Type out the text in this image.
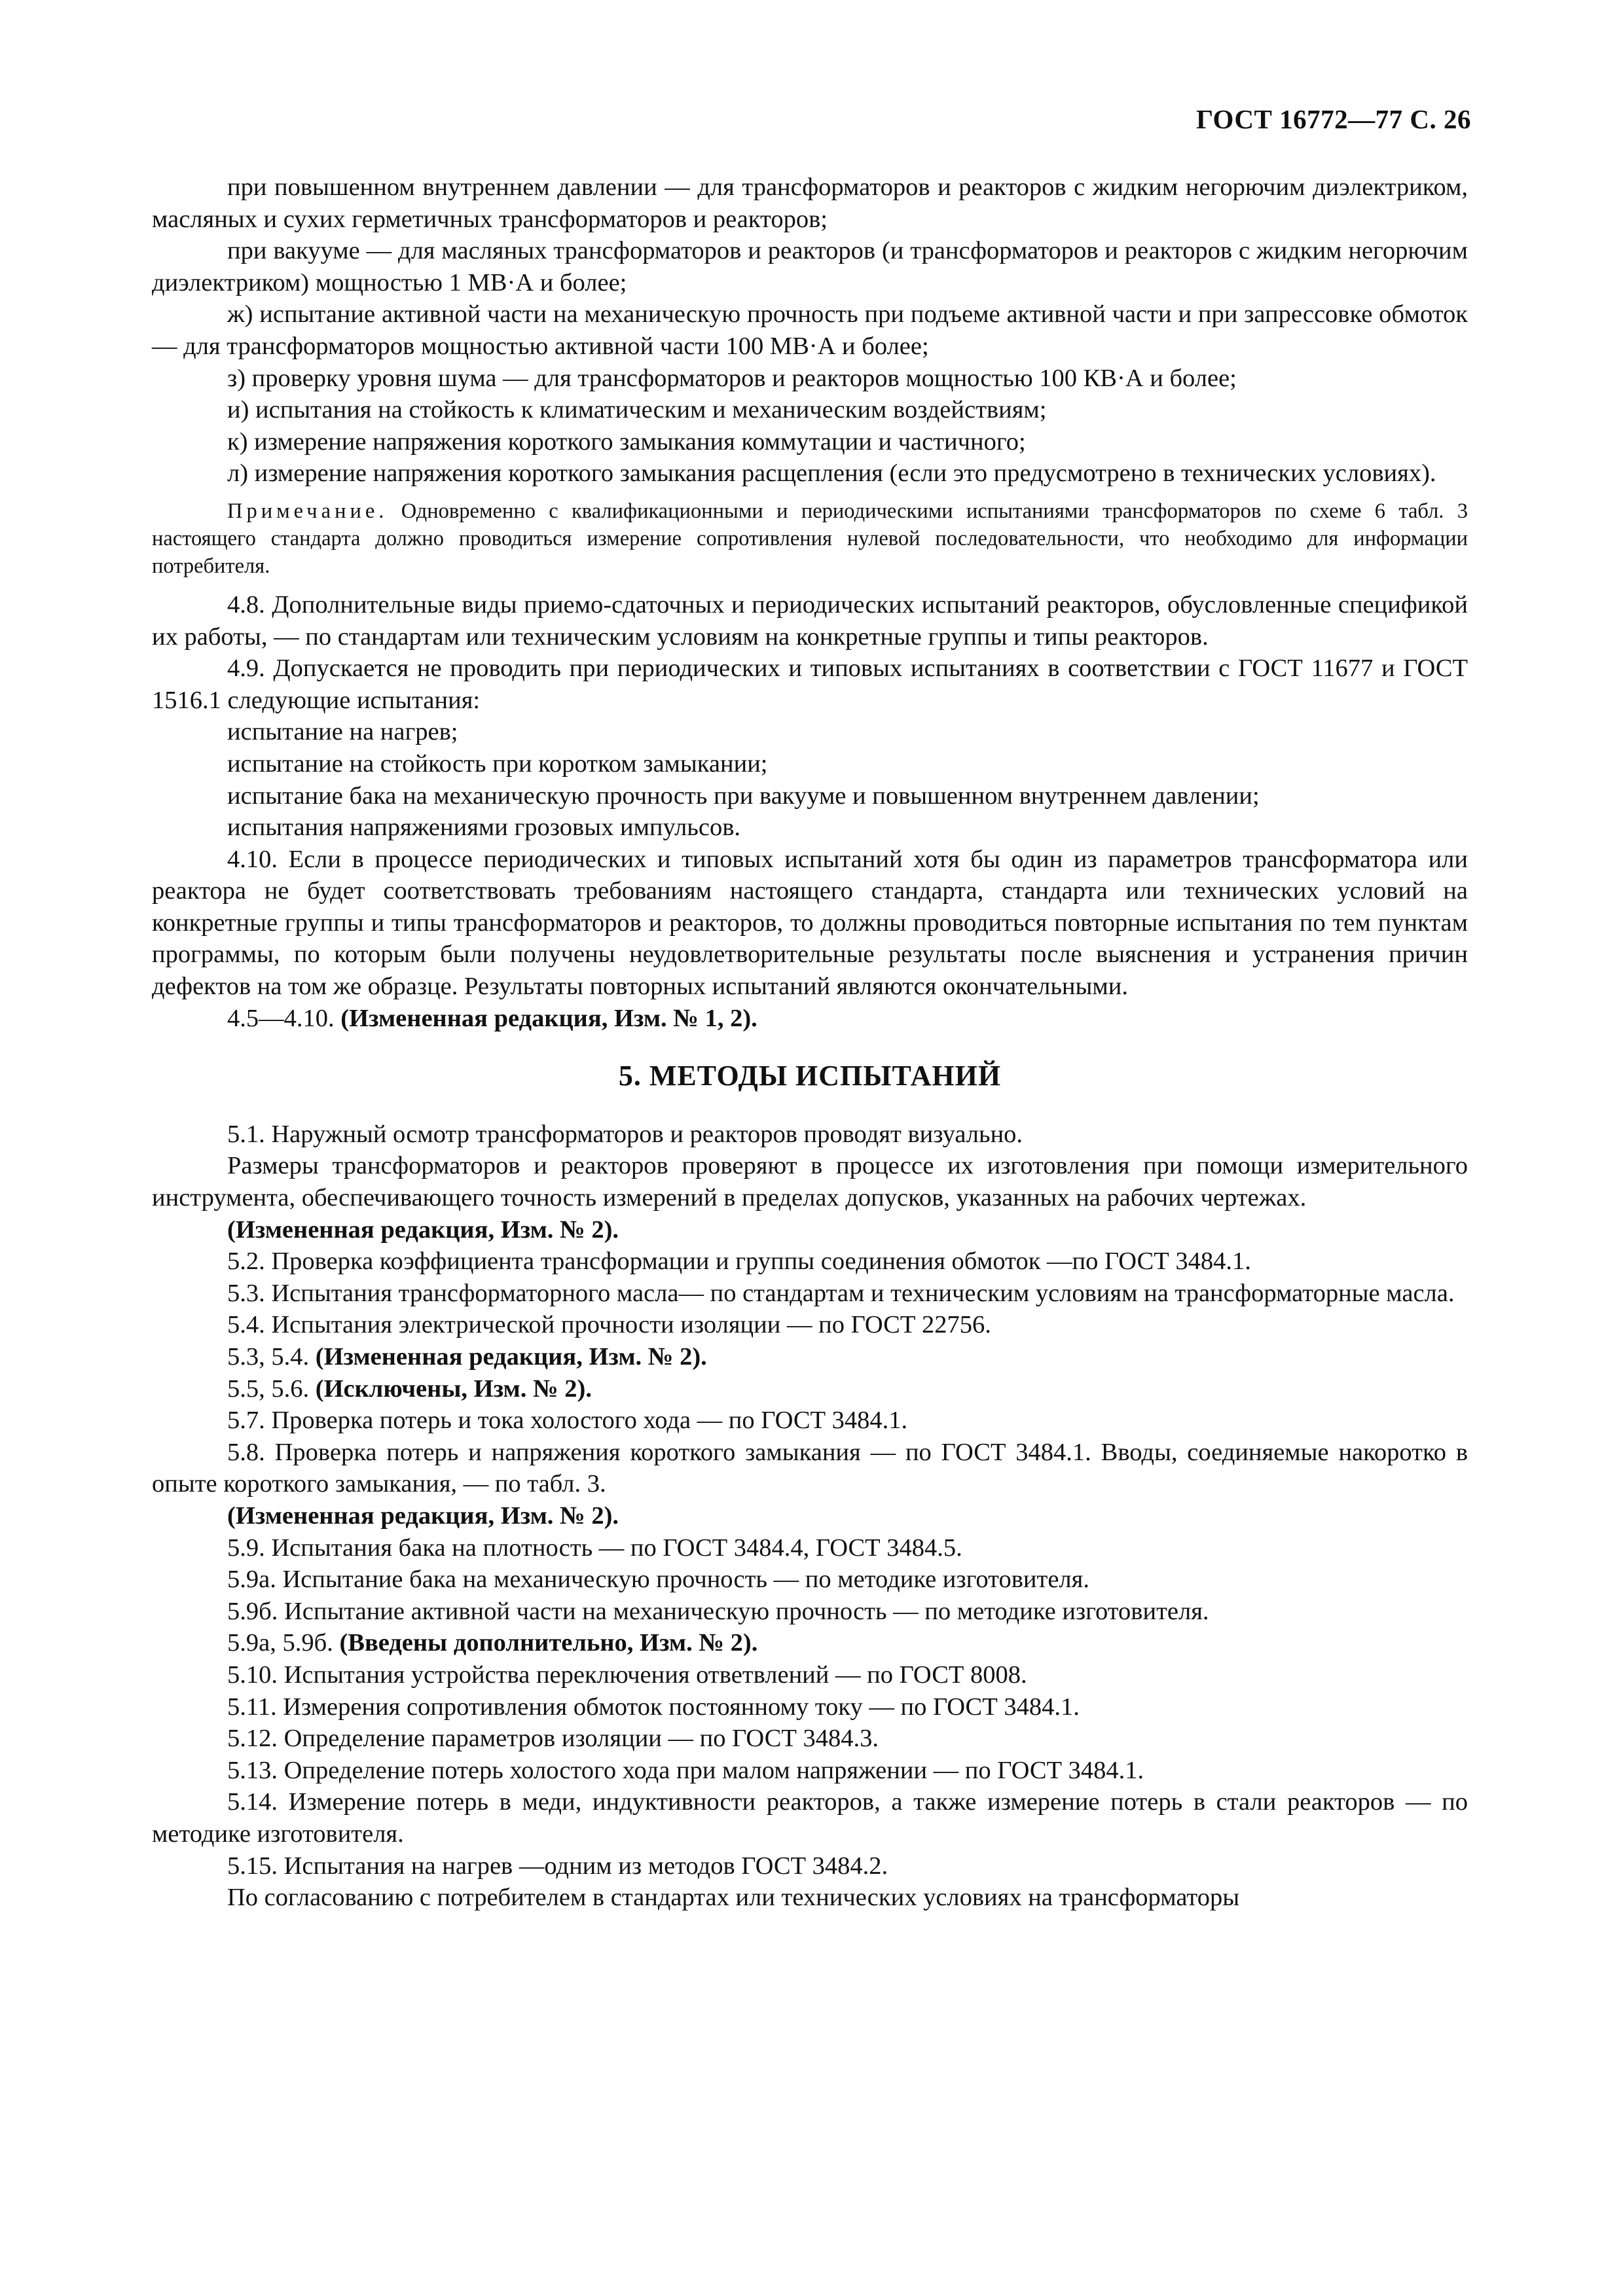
ГОСТ 16772—77 С. 26

при повышенном внутреннем давлении — для трансформаторов и реакторов с жидким негорючим диэлектриком, масляных и сухих герметичных трансформаторов и реакторов;

при вакууме — для масляных трансформаторов и реакторов (и трансформаторов и реакторов с жидким негорючим диэлектриком) мощностью 1 МВ·А и более;

ж) испытание активной части на механическую прочность при подъеме активной части и при запрессовке обмоток — для трансформаторов мощностью активной части 100 МВ·А и более;

з) проверку уровня шума — для трансформаторов и реакторов мощностью 100 КВ·А и более;

и) испытания на стойкость к климатическим и механическим воздействиям;

к) измерение напряжения короткого замыкания коммутации и частичного;

л) измерение напряжения короткого замыкания расщепления (если это предусмотрено в технических условиях).

Примечание. Одновременно с квалификационными и периодическими испытаниями трансформаторов по схеме 6 табл. 3 настоящего стандарта должно проводиться измерение сопротивления нулевой последовательности, что необходимо для информации потребителя.

4.8. Дополнительные виды приемо-сдаточных и периодических испытаний реакторов, обусловленные спецификой их работы, — по стандартам или техническим условиям на конкретные группы и типы реакторов.

4.9. Допускается не проводить при периодических и типовых испытаниях в соответствии с ГОСТ 11677 и ГОСТ 1516.1 следующие испытания:

испытание на нагрев;

испытание на стойкость при коротком замыкании;

испытание бака на механическую прочность при вакууме и повышенном внутреннем давлении;

испытания напряжениями грозовых импульсов.

4.10. Если в процессе периодических и типовых испытаний хотя бы один из параметров трансформатора или реактора не будет соответствовать требованиям настоящего стандарта, стандарта или технических условий на конкретные группы и типы трансформаторов и реакторов, то должны проводиться повторные испытания по тем пунктам программы, по которым были получены неудовлетворительные результаты после выяснения и устранения причин дефектов на том же образце. Результаты повторных испытаний являются окончательными.

4.5—4.10. (Измененная редакция, Изм. № 1, 2).

5. МЕТОДЫ ИСПЫТАНИЙ

5.1. Наружный осмотр трансформаторов и реакторов проводят визуально.

Размеры трансформаторов и реакторов проверяют в процессе их изготовления при помощи измерительного инструмента, обеспечивающего точность измерений в пределах допусков, указанных на рабочих чертежах.

(Измененная редакция, Изм. № 2).

5.2. Проверка коэффициента трансформации и группы соединения обмоток —по ГОСТ 3484.1.

5.3. Испытания трансформаторного масла— по стандартам и техническим условиям на трансформаторные масла.

5.4. Испытания электрической прочности изоляции — по ГОСТ 22756.

5.3, 5.4. (Измененная редакция, Изм. № 2).

5.5, 5.6. (Исключены, Изм. № 2).

5.7. Проверка потерь и тока холостого хода — по ГОСТ 3484.1.

5.8. Проверка потерь и напряжения короткого замыкания — по ГОСТ 3484.1. Вводы, соединяемые накоротко в опыте короткого замыкания, — по табл. 3.

(Измененная редакция, Изм. № 2).

5.9. Испытания бака на плотность — по ГОСТ 3484.4, ГОСТ 3484.5.

5.9а. Испытание бака на механическую прочность — по методике изготовителя.

5.9б. Испытание активной части на механическую прочность — по методике изготовителя.

5.9а, 5.9б. (Введены дополнительно, Изм. № 2).

5.10. Испытания устройства переключения ответвлений — по ГОСТ 8008.

5.11. Измерения сопротивления обмоток постоянному току — по ГОСТ 3484.1.

5.12. Определение параметров изоляции — по ГОСТ 3484.3.

5.13. Определение потерь холостого хода при малом напряжении — по ГОСТ 3484.1.

5.14. Измерение потерь в меди, индуктивности реакторов, а также измерение потерь в стали реакторов — по методике изготовителя.

5.15. Испытания на нагрев —одним из методов ГОСТ 3484.2.

По согласованию с потребителем в стандартах или технических условиях на трансформаторы
